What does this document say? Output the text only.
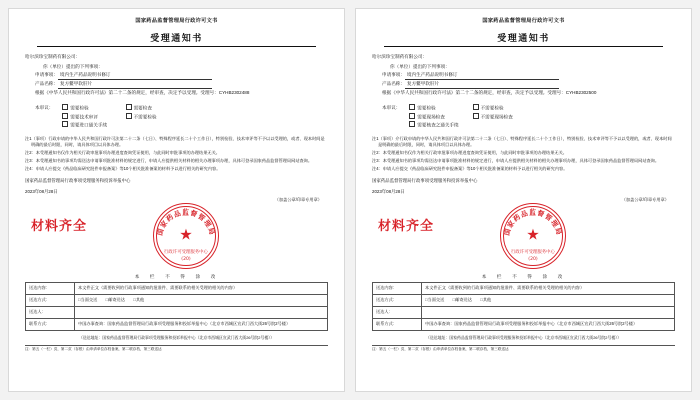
国家药品监督管理局行政许可文书
受理通知书
哈尔滨珍宝制药有限公司：
你（单位）提出的下列事项：
申请事项： 境内生产药品说明书修订
产品名称： 复方鳖甲软肝片
根据《中华人民共和国行政许可法》第二十二条的规定，经审查，决定予以受理。受理号：CYHB2302488
本审议：	需要检验	需要检查
需要技术审评	不需要检验
需要进口通关手续
注1（事项）行政申请的中华人民共和国行政许可法第二十二条（七日）、特殊程序延长二十个工作日），特别检验、技术审评等不予以以受理的，或者、现本时间是明确的最后时限，同时，请具体项目以具体办理。
注2：本受理通知书仅作为相关行政审批事项办理进度查询凭证使用，与此同时审批事项的办理结果无关。
注3：本受理通知书的事项均需送达申请事项批准材料的规定进行，申请人应提供相关材料的相关办理事项办理，具体可登录国家药品监督管理局网站查询。
注4：申请人应提交《药品临床研究批件申报备案》等10个相关批准备案的材料予以进行相关的研究内容。
国家药品监督管理局行政事项受理服务和投诉举报中心
2023年08月28日
（加盖公章/印章专用章）
材料齐全	国家药品监督管理局
★
行政许可受理服务中心
(20)
本　栏　不　得　涂　改
送达内容：	本文件正文（需要收到的行政事项通知的批准件、需要联系的相关受理的相关的内容）
送达方式：	□当面交送　　□邮寄送达　　□其他
送达人：	
联系方式：	中国办事查询：国家药品监督管理局行政事项受理服务和投诉举报中心（北京市西城区宣武门西大街26号院2号楼）
（送达地址：国家药品监督管理局行政事项受理服务和投诉举报中心（北京市西城区宣武门西大街26号院2号楼））
注：第五（一栏）页，第二页（存根）由申请单位存档备案，第二联存档，第三联送达
国家药品监督管理局行政许可文书
受理通知书
哈尔滨珍宝制药有限公司：
你（单位）提出的下列事项：
申请事项： 境内生产药品说明书修订
产品名称： 复方鳖甲软肝片
根据《中华人民共和国行政许可法》第二十二条的规定，经审查，决定予以受理。受理号：CYHB2302500
本审议：	需要检验	不需要检验
需要现场检查	不需要现场检查
需要核查之通关手续
注1（事项）介行政申请的中华人民共和国行政许可法第二十二条（七日）、特殊程序延长二十个工作日），特别检验、技术审评等不予以以受理的，或者、现本时间是明确的最后时限，同时，请具体项目以具体办理。
注2：本受理通知书仅作为相关行政审批事项办理进度查询凭证使用，与此同时审批事项的办理结果无关。
注3：本受理通知书的事项均需送达申请事项批准材料的规定进行，申请人应提供相关材料的相关办理事项办理，具体可登录国家药品监督管理局网站查询。
注4：申请人应提交《药品临床研究批件申报备案》等10个相关批准备案的材料予以进行相关的研究内容。
国家药品监督管理局行政事项受理服务和投诉举报中心
2023年08月28日
（加盖公章/印章专用章）
材料齐全	国家药品监督管理局
★
行政许可受理服务中心
(20)
本　栏　不　得　涂　改
送达内容：	本文件正文（需要收到的行政事项通知的批准件、需要联系的相关受理的相关的内容）
送达方式：	□当面交送　　□邮寄送达　　□其他
送达人：	
联系方式：	中国办事查询：国家药品监督管理局行政事项受理服务和投诉举报中心（北京市西城区宣武门西大街26号院2号楼）
（送达地址：国家药品监督管理局行政事项受理服务和投诉举报中心（北京市西城区宣武门西大街26号院2号楼））
注：第五（一栏）页，第二页（存根）由申请单位存档备案，第二联存档，第三联送达
